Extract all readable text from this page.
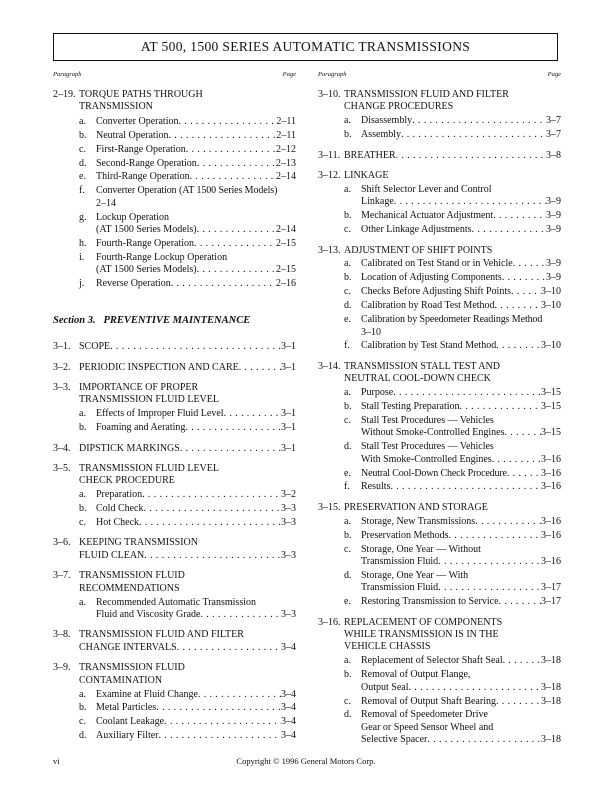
AT 500, 1500 SERIES AUTOMATIC TRANSMISSIONS
Paragraph	Page
2–19. TORQUE PATHS THROUGH
TRANSMISSION
a.	Converter Operation . . .	2–11
b. Neutral Operation . . .	2–11
c.	First-Range Operation . . .	2–12
d. Second-Range Operation . . .	2–13
e.	Third-Range Operation . . .	2–14
f.	Converter Operation (AT 1500 Series Models)
2–14
g. Lockup Operation
(AT 1500 Series Models) . . .	2–14
h. Fourth-Range Operation . . .	2–15
i.	Fourth-Range Lockup Operation
(AT 1500 Series Models) . . .	2–15
j.	Reverse Operation . . .	2–16
Section 3. PREVENTIVE MAINTENANCE
3–1. SCOPE . . .	3–1
3–2. PERIODIC INSPECTION AND CARE . . .	3–1
3–3. IMPORTANCE OF PROPER
TRANSMISSION FLUID LEVEL
a.	Effects of Improper Fluid Level . . .	3–1
b. Foaming and Aerating . . .	3–1
3–4. DIPSTICK MARKINGS . . .	3–1
3–5. TRANSMISSION FLUID LEVEL
CHECK PROCEDURE
a.	Preparation . . .	3–2
b. Cold Check . . .	3–3
c.	Hot Check . . .	3–3
3–6. KEEPING TRANSMISSION
FLUID CLEAN . . .	3–3
3–7. TRANSMISSION FLUID
RECOMMENDATIONS
a.	Recommended Automatic Transmission
Fluid and Viscosity Grade . . .	3–3
3–8. TRANSMISSION FLUID AND FILTER
CHANGE INTERVALS . . .	3–4
3–9. TRANSMISSION FLUID
CONTAMINATION
a.	Examine at Fluid Change . . .	3–4
b. Metal Particles . . .	3–4
c.	Coolant Leakage . . .	3–4
d. Auxiliary Filter . . .	3–4
Paragraph	Page
3–10. TRANSMISSION FLUID AND FILTER
CHANGE PROCEDURES
a.	Disassembly . . .	3–7
b. Assembly . . .	3–7
3–11. BREATHER . . .	3–8
3–12. LINKAGE
a.	Shift Selector Lever and Control
Linkage . . .	3–9
b. Mechanical Actuator Adjustment . . .	3–9
c.	Other Linkage Adjustments . . .	3–9
3–13. ADJUSTMENT OF SHIFT POINTS
a.	Calibrated on Test Stand or in Vehicle . . .	3–9
b. Location of Adjusting Components . . .	3–9
c.	Checks Before Adjusting Shift Points . . .	3–10
d. Calibration by Road Test Method . . .	3–10
e.	Calibration by Speedometer Readings Method
3–10
f.	Calibration by Test Stand Method . . .	3–10
3–14. TRANSMISSION STALL TEST AND
NEUTRAL COOL-DOWN CHECK
a.	Purpose . . .	3–15
b. Stall Testing Preparation . . .	3–15
c.	Stall Test Procedures — Vehicles
Without Smoke-Controlled Engines . . .	3–15
d. Stall Test Procedures — Vehicles
With Smoke-Controlled Engines . . .	3–16
e.	Neutral Cool-Down Check Procedure . . .	3–16
f.	Results . . .	3–16
3–15. PRESERVATION AND STORAGE
a.	Storage, New Transmissions . . .	3–16
b. Preservation Methods . . .	3–16
c.	Storage, One Year — Without
Transmission Fluid . . .	3–16
d. Storage, One Year — With
Transmission Fluid . . .	3–17
e.	Restoring Transmission to Service . . .	3–17
3–16. REPLACEMENT OF COMPONENTS
WHILE TRANSMISSION IS IN THE
VEHICLE CHASSIS
a.	Replacement of Selector Shaft Seal . . .	3–18
b. Removal of Output Flange,
Output Seal . . .	3–18
c.	Removal of Output Shaft Bearing . . .	3–18
d. Removal of Speedometer Drive
Gear or Speed Sensor Wheel and
Selective Spacer . . .	3–18
vi	Copyright © 1996 General Motors Corp.
